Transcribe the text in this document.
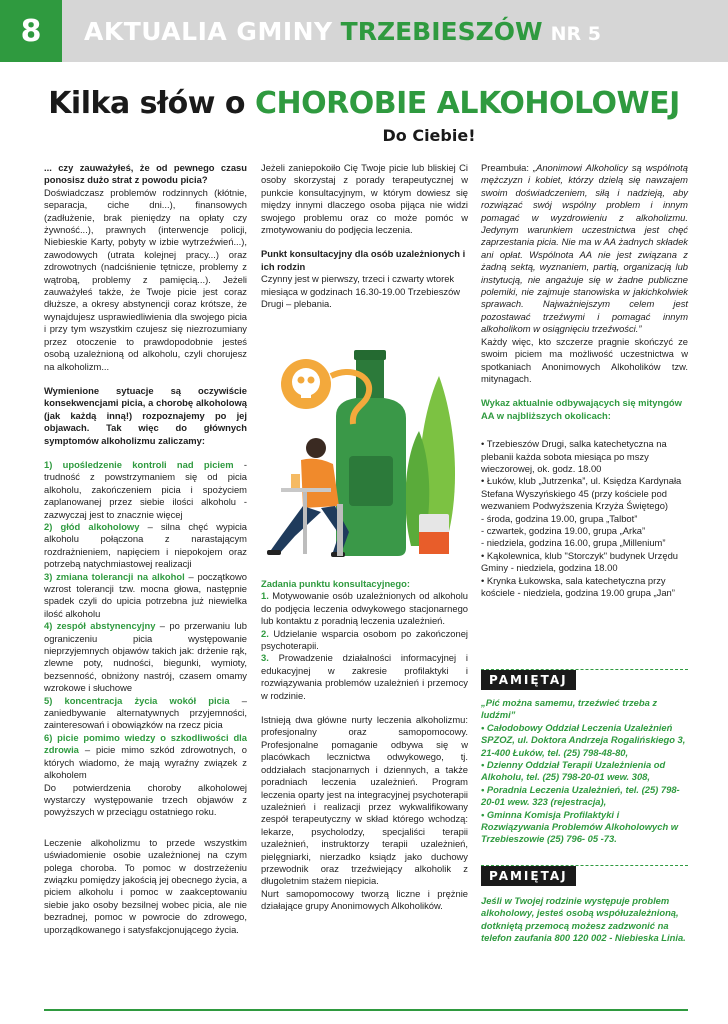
8 AKTUALIA GMINY TRZEBIESZÓW NR 5
Kilka słów o CHOROBIE ALKOHOLOWEJ
Do Ciebie!
... czy zauważyłeś, że od pewnego czasu ponosisz dużo strat z powodu picia?
Doświadczasz problemów rodzinnych (kłótnie, separacja, ciche dni...), finansowych (zadłużenie, brak pieniędzy na opłaty czy żywność...), prawnych (interwencje policji, Niebieskie Karty, pobyty w izbie wytrzeźwień...), zawodowych (utrata kolejnej pracy...) oraz zdrowotnych (nadciśnienie tętnicze, problemy z wątrobą, problemy z pamięcią...). Jeżeli zauważyłeś także, że Twoje picie jest coraz dłuższe, a okresy abstynencji coraz krótsze, że wynajdujesz usprawiedliwienia dla swojego picia i przy tym wszystkim czujesz się niezrozumiany przez otoczenie to prawdopodobnie jesteś osobą uzależnioną od alkoholu, czyli chorujesz na alkoholizm...
Wymienione sytuacje są oczywiście konsekwencjami picia, a chorobę alkoholową (jak każdą inną!) rozpoznajemy po jej objawach. Tak więc do głównych symptomów alkoholizmu zaliczamy:
1) upośledzenie kontroli nad piciem - trudność z powstrzymaniem się od picia alkoholu, zakończeniem picia i spożyciem zaplanowanej przez siebie ilości alkoholu - zazwyczaj jest to znacznie więcej
2) głód alkoholowy – silna chęć wypicia alkoholu połączona z narastającym rozdrażnieniem, napięciem i niepokojem oraz potrzebą natychmiastowej realizacji
3) zmiana tolerancji na alkohol – początkowo wzrost tolerancji tzw. mocna głowa, następnie spadek czyli do upicia potrzebna już niewielka ilość alkoholu
4) zespół abstynencyjny – po przerwaniu lub ograniczeniu picia występowanie nieprzyjemnych objawów takich jak: drżenie rąk, zlewne poty, nudności, biegunki, wymioty, bezsenność, obniżony nastrój, czasem omamy wzrokowe i słuchowe
5) koncentracja życia wokół picia – zaniedbywanie alternatywnych przyjemności, zainteresowań i obowiązków na rzecz picia
6) picie pomimo wiedzy o szkodliwości dla zdrowia – picie mimo szkód zdrowotnych, o których wiadomo, że mają wyraźny związek z alkoholem
Do potwierdzenia choroby alkoholowej wystarczy występowanie trzech objawów z powyższych w przeciągu ostatniego roku.
Leczenie alkoholizmu to przede wszystkim uświadomienie osobie uzależnionej na czym polega choroba. To pomoc w dostrzeżeniu związku pomiędzy jakością jej obecnego życia, a piciem alkoholu i pomoc w zaakceptowaniu siebie jako osoby bezsilnej wobec picia, ale nie bezradnej, pomoc w powrocie do zdrowego, uporządkowanego i satysfakcjonującego życia.
Jeżeli zaniepokoiło Cię Twoje picie lub bliskiej Ci osoby skorzystaj z porady terapeutycznej w punkcie konsultacyjnym, w którym dowiesz się między innymi dlaczego osoba pijąca nie widzi swojego problemu oraz co może pomóc w zmotywowaniu do podjęcia leczenia.
Punkt konsultacyjny dla osób uzależnionych i ich rodzin
Czynny jest w pierwszy, trzeci i czwarty wtorek miesiąca w godzinach 16.30-19.00 Trzebieszów Drugi – plebania.
Zadania punktu konsultacyjnego:
1. Motywowanie osób uzależnionych od alkoholu do podjęcia leczenia odwykowego stacjonarnego lub kontaktu z poradnią leczenia uzależnień.
2. Udzielanie wsparcia osobom po zakończonej psychoterapii.
3. Prowadzenie działalności informacyjnej i edukacyjnej w zakresie profilaktyki i rozwiązywania problemów uzależnień i przemocy w rodzinie.
Istnieją dwa główne nurty leczenia alkoholizmu: profesjonalny oraz samopomocowy. Profesjonalne pomaganie odbywa się w placówkach lecznictwa odwykowego, tj. oddziałach stacjonarnych i dziennych, a także poradniach leczenia uzależnień. Program leczenia oparty jest na integracyjnej psychoterapii uzależnień i realizacji przez wykwalifikowany zespół terapeutyczny w skład którego wchodzą: lekarze, psycholodzy, specjaliści terapii uzależnień, instruktorzy terapii uzależnień, pielęgniarki, nierzadko ksiądz jako duchowy przewodnik oraz trzeźwiejący alkoholik z długoletnim stażem niepicia.
Nurt samopomocowy tworzą liczne i prężnie działające grupy Anonimowych Alkoholików.
Preambuła: „Anonimowi Alkoholicy są wspólnotą mężczyzn i kobiet, którzy dzielą się nawzajem swoim doświadczeniem, siłą i nadzieją, aby rozwiązać swój wspólny problem i innym pomagać w wyzdrowieniu z alkoholizmu. Jedynym warunkiem uczestnictwa jest chęć zaprzestania picia. Nie ma w AA żadnych składek ani opłat. Wspólnota AA nie jest związana z żadną sektą, wyznaniem, partią, organizacją lub instytucją, nie angażuje się w żadne publiczne polemiki, nie zajmuje stanowiska w jakichkolwiek sprawach. Najważniejszym celem jest pozostawać trzeźwymi i pomagać innym alkoholikom w osiągnięciu trzeźwości.”
Każdy więc, kto szczerze pragnie skończyć ze swoim piciem ma możliwość uczestnictwa w spotkaniach Anonimowych Alkoholików tzw. mitynagach.
Wykaz aktualnie odbywających się mityngów AA w najbliższych okolicach:
• Trzebieszów Drugi, salka katechetyczna na plebanii każda sobota miesiąca po mszy wieczorowej, ok. godz. 18.00
• Łuków, klub „Jutrzenka”, ul. Księdza Kardynała Stefana Wyszyńskiego 45 (przy kościele pod wezwaniem Podwyższenia Krzyża Świętego)
- środa, godzina 19.00, grupa „Talbot”
- czwartek, godzina 19.00, grupa „Arka”
- niedziela, godzina 16.00, grupa „Millenium”
• Kąkolewnica, klub "Storczyk" budynek Urzędu Gminy - niedziela, godzina 18.00
• Krynka Łukowska, sala katechetyczna przy kościele - niedziela, godzina 19.00 grupa „Jan”
PAMIĘTAJ
„Pić można samemu, trzeźwieć trzeba z ludźmi”
• Całodobowy Oddział Leczenia Uzależnień SPZOZ, ul. Doktora Andrzeja Rogalińskiego 3, 21-400 Łuków, tel. (25) 798-48-80,
• Dzienny Oddział Terapii Uzależnienia od Alkoholu, tel. (25) 798-20-01 wew. 308,
• Poradnia Leczenia Uzależnień, tel. (25) 798-20-01 wew. 323 (rejestracja),
• Gminna Komisja Profilaktyki i Rozwiązywania Problemów Alkoholowych w Trzebieszowie (25) 796- 05 -73.
PAMIĘTAJ
Jeśli w Twojej rodzinie występuje problem alkoholowy, jesteś osobą współuzależnioną, dotkniętą przemocą możesz zadzwonić na telefon zaufania 800 120 002 - Niebieska Linia.
